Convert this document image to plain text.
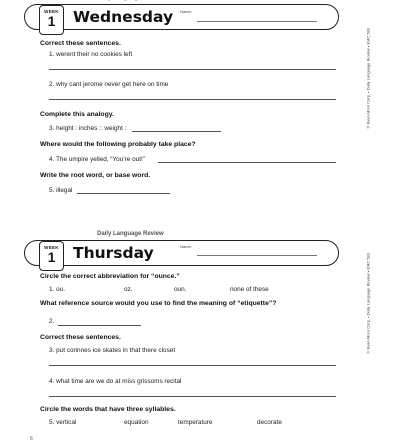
WEEK
1	Wednesday Name:
© Evan-Moor Corp. • Daily Language Review • EMC 583
Correct these sentences.
1. werent their no cookies left
2. why cant jerome never get here on time
Complete this analogy.
3. height : inches :: weight :
Where would the following probably take place?
4. The umpire yelled, “You’re out!”
Write the root word, or base word.
5. illegal
WEEK
1
Daily Language Review
Thursday	Name:
© Evan-Moor Corp. • Daily Language Review • EMC 583
Circle the correct abbreviation for “ounce.”
1. ou.	oz.	oun.	none of these
What reference source would you use to find the meaning of “etiquette”?
2.
Correct these sentences.
3. put corinnes ice skates in that there closet
4. what time are we do at miss grissoms recital
Circle the words that have three syllables.
5. vertical	equation	temperature	decorate
6
